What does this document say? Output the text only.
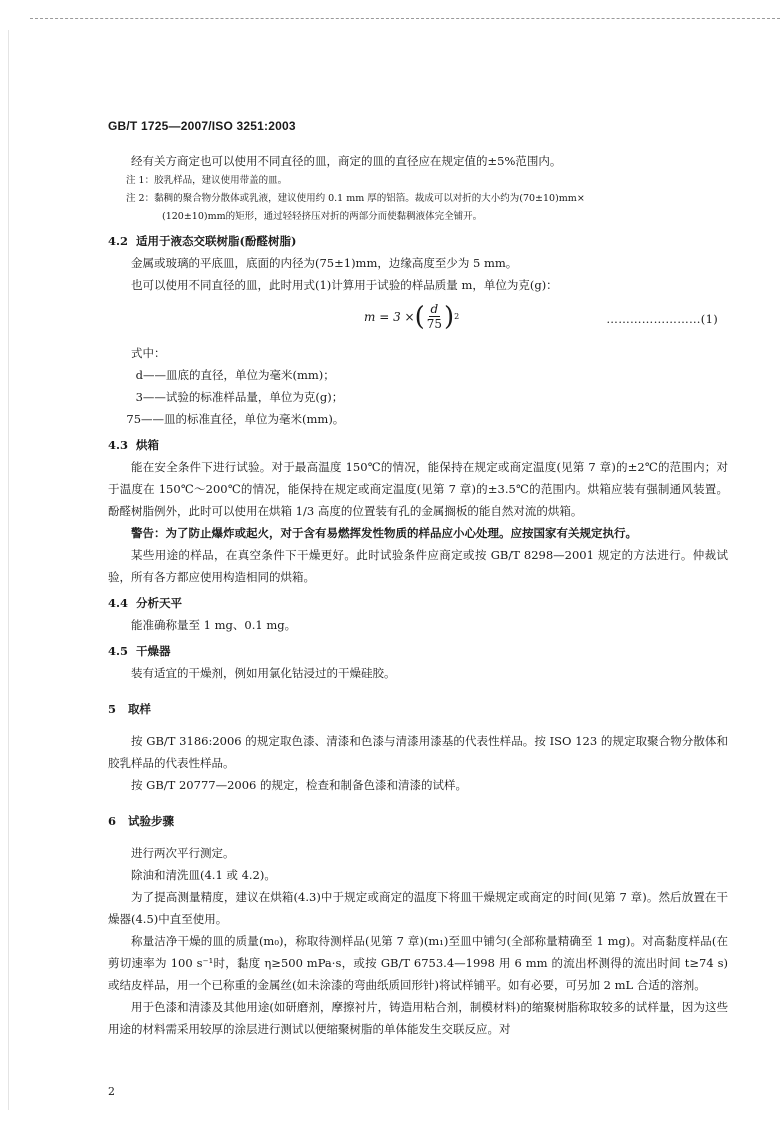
GB/T 1725—2007/ISO 3251:2003

经有关方商定也可以使用不同直径的皿，商定的皿的直径应在规定值的±5%范围内。

注 1：胶乳样品，建议使用带盖的皿。

注 2：黏稠的聚合物分散体或乳液，建议使用约 0.1 mm 厚的铝箔。裁成可以对折的大小约为(70±10)mm×

(120±10)mm的矩形，通过轻轻挤压对折的两部分而使黏稠液体完全铺开。

4.2 适用于液态交联树脂(酚醛树脂)

金属或玻璃的平底皿，底面的内径为(75±1)mm，边缘高度至少为 5 mm。

也可以使用不同直径的皿，此时用式(1)计算用于试验的样品质量 m，单位为克(g)：

m = 3 × ( $\frac{d}{75}$ ) 2	……………………(1)

式中：

d——皿底的直径，单位为毫米(mm)；

3——试验的标准样品量，单位为克(g)；

75——皿的标准直径，单位为毫米(mm)。

4.3 烘箱

能在安全条件下进行试验。对于最高温度 150℃的情况，能保持在规定或商定温度(见第 7 章)的±2℃的范围内；对于温度在 150℃～200℃的情况，能保持在规定或商定温度(见第 7 章)的±3.5℃的范围内。烘箱应装有强制通风装置。酚醛树脂例外，此时可以使用在烘箱 1/3 高度的位置装有孔的金属搁板的能自然对流的烘箱。

警告：为了防止爆炸或起火，对于含有易燃挥发性物质的样品应小心处理。应按国家有关规定执行。

某些用途的样品，在真空条件下干燥更好。此时试验条件应商定或按 GB/T 8298—2001 规定的方法进行。仲裁试验，所有各方都应使用构造相同的烘箱。

4.4 分析天平

能准确称量至 1 mg、0.1 mg。

4.5 干燥器

装有适宜的干燥剂，例如用氯化钴浸过的干燥硅胶。

5 取样

按 GB/T 3186:2006 的规定取色漆、清漆和色漆与清漆用漆基的代表性样品。按 ISO 123 的规定取聚合物分散体和胶乳样品的代表性样品。

按 GB/T 20777—2006 的规定，检查和制备色漆和清漆的试样。

6 试验步骤

进行两次平行测定。

除油和清洗皿(4.1 或 4.2)。

为了提高测量精度，建议在烘箱(4.3)中于规定或商定的温度下将皿干燥规定或商定的时间(见第 7 章)。然后放置在干燥器(4.5)中直至使用。

称量洁净干燥的皿的质量(m₀)，称取待测样品(见第 7 章)(m₁)至皿中铺匀(全部称量精确至 1 mg)。对高黏度样品(在剪切速率为 100 s⁻¹时，黏度 η≥500 mPa·s，或按 GB/T 6753.4—1998 用 6 mm 的流出杯测得的流出时间 t≥74 s)或结皮样品，用一个已称重的金属丝(如未涂漆的弯曲纸质回形针)将试样铺平。如有必要，可另加 2 mL 合适的溶剂。

用于色漆和清漆及其他用途(如研磨剂，摩擦衬片，铸造用粘合剂，制模材料)的缩聚树脂称取较多的试样量，因为这些用途的材料需采用较厚的涂层进行测试以便缩聚树脂的单体能发生交联反应。对

2
